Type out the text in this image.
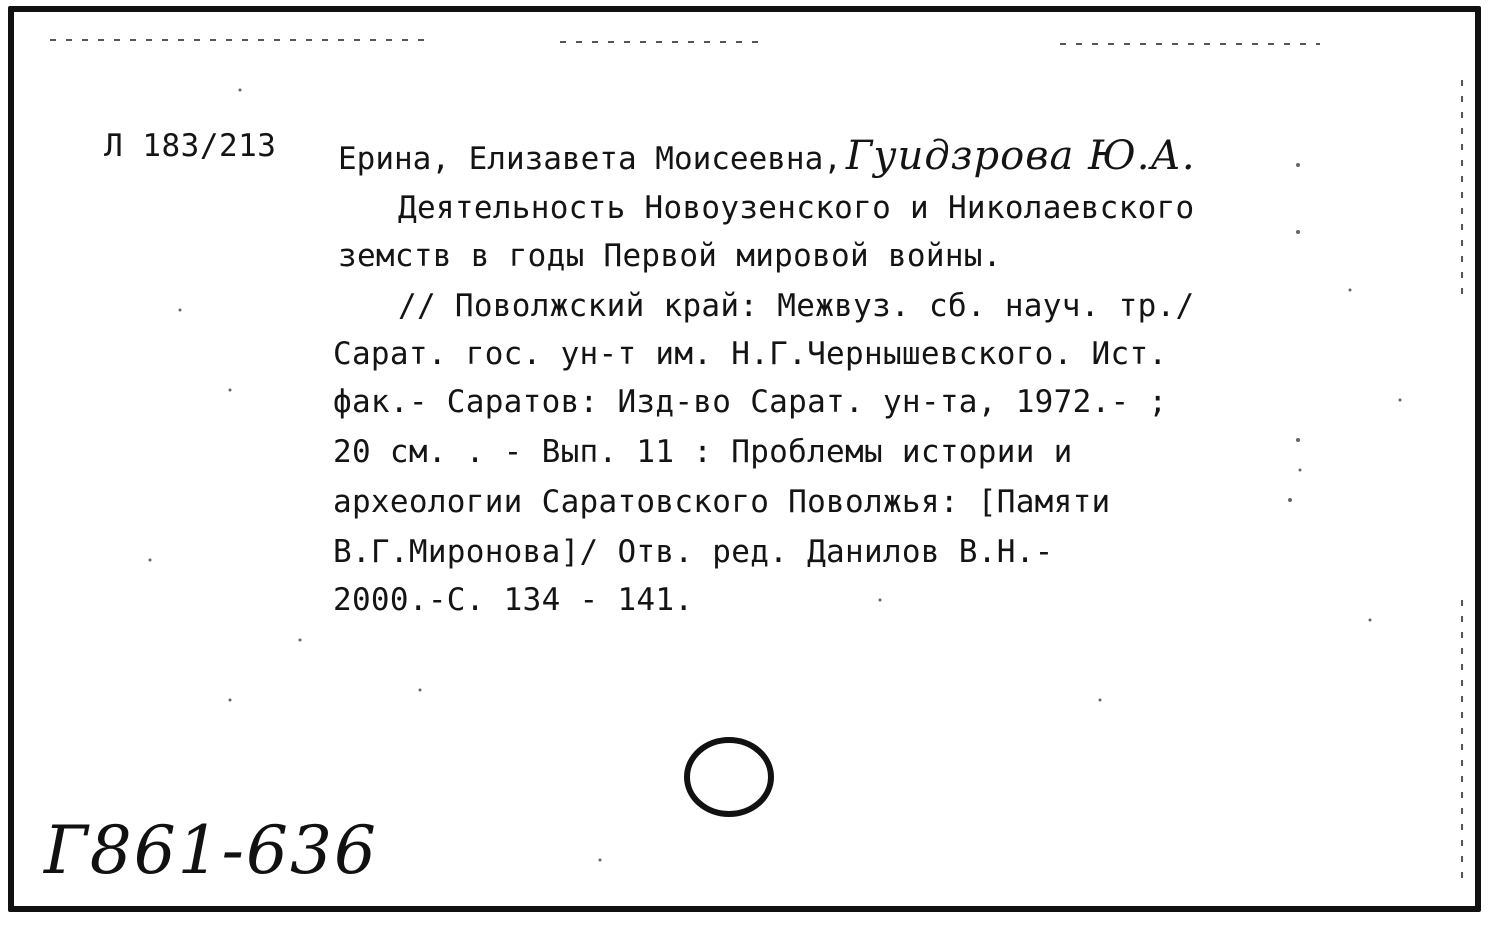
Л 183/213 Ерина, Елизавета Моисеевна, Гуидзрова Ю.А.
Деятельность Новоузенского и Николаевского
земств в годы Первой мировой войны.
// Поволжский край: Межвуз. сб. науч. тр./
Сарат. гос. ун-т им. Н.Г.Чернышевского. Ист.
фак.- Саратов: Изд-во Сарат. ун-та, 1972.- ;
20 см. . - Вып. 11 : Проблемы истории и
археологии Саратовского Поволжья: [Памяти
В.Г.Миронова]/ Отв. ред. Данилов В.Н.-
2000.-С. 134 - 141.
Г861-636
